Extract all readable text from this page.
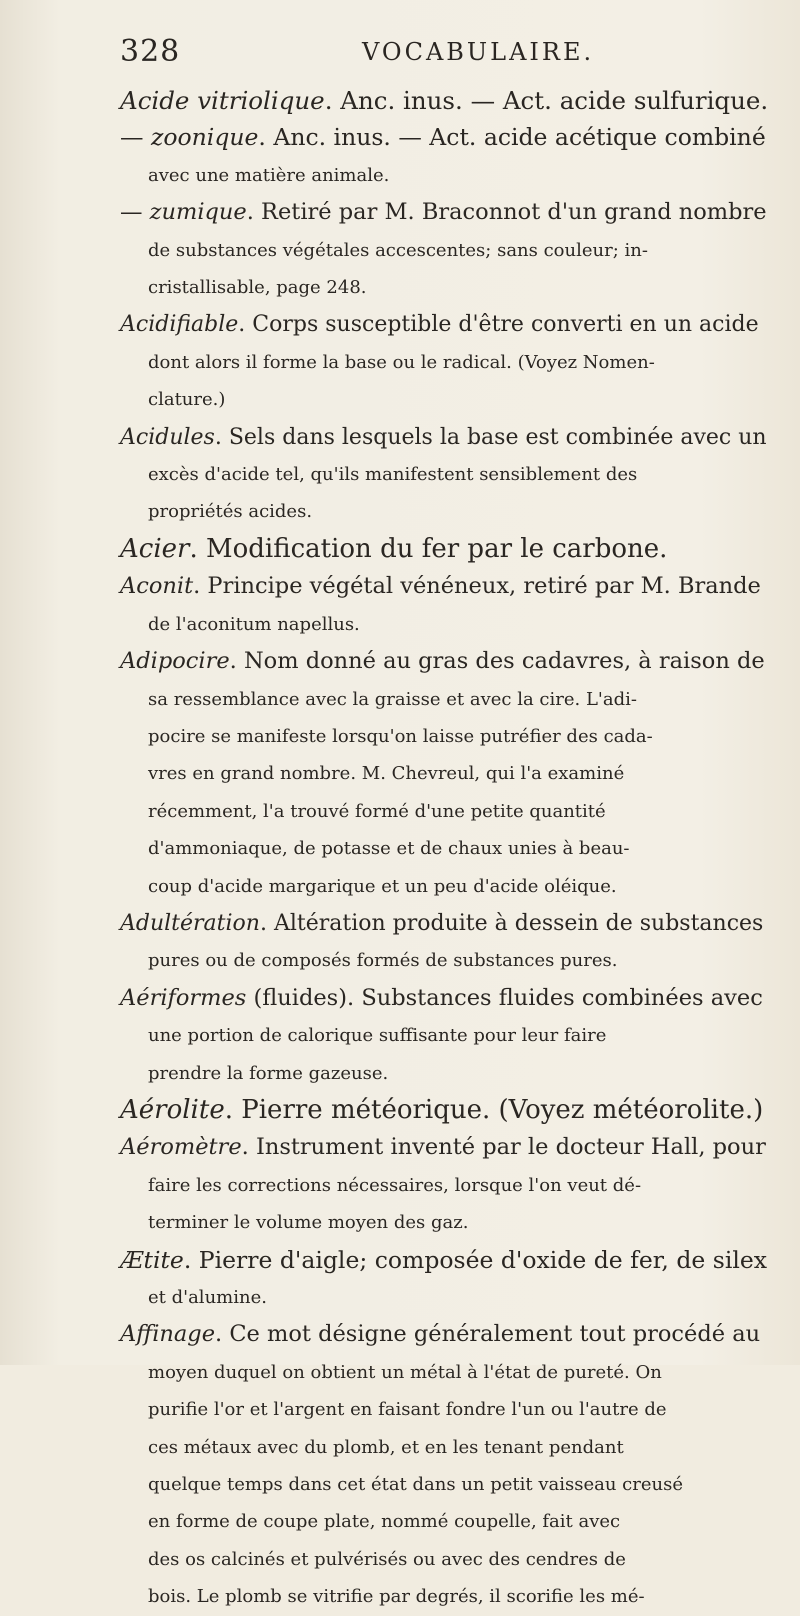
328	VOCABULAIRE.
Acide vitriolique. Anc. inus. — Act. acide sulfurique.
— zoonique. Anc. inus. — Act. acide acétique combiné
avec une matière animale.
— zumique. Retiré par M. Braconnot d'un grand nombre
de substances végétales accescentes; sans couleur; in-
cristallisable, page 248.
Acidifiable. Corps susceptible d'être converti en un acide
dont alors il forme la base ou le radical. (Voyez Nomen-
clature.)
Acidules. Sels dans lesquels la base est combinée avec un
excès d'acide tel, qu'ils manifestent sensiblement des
propriétés acides.
Acier. Modification du fer par le carbone.
Aconit. Principe végétal vénéneux, retiré par M. Brande
de l'aconitum napellus.
Adipocire. Nom donné au gras des cadavres, à raison de
sa ressemblance avec la graisse et avec la cire. L'adi-
pocire se manifeste lorsqu'on laisse putréfier des cada-
vres en grand nombre. M. Chevreul, qui l'a examiné
récemment, l'a trouvé formé d'une petite quantité
d'ammoniaque, de potasse et de chaux unies à beau-
coup d'acide margarique et un peu d'acide oléique.
Adultération. Altération produite à dessein de substances
pures ou de composés formés de substances pures.
Aériformes (fluides). Substances fluides combinées avec
une portion de calorique suffisante pour leur faire
prendre la forme gazeuse.
Aérolite. Pierre météorique. (Voyez météorolite.)
Aéromètre. Instrument inventé par le docteur Hall, pour
faire les corrections nécessaires, lorsque l'on veut dé-
terminer le volume moyen des gaz.
Ætite. Pierre d'aigle; composée d'oxide de fer, de silex
et d'alumine.
Affinage. Ce mot désigne généralement tout procédé au
moyen duquel on obtient un métal à l'état de pureté. On
purifie l'or et l'argent en faisant fondre l'un ou l'autre de
ces métaux avec du plomb, et en les tenant pendant
quelque temps dans cet état dans un petit vaisseau creusé
en forme de coupe plate, nommé coupelle, fait avec
des os calcinés et pulvérisés ou avec des cendres de
bois. Le plomb se vitrifie par degrés, il scorifie les mé-
